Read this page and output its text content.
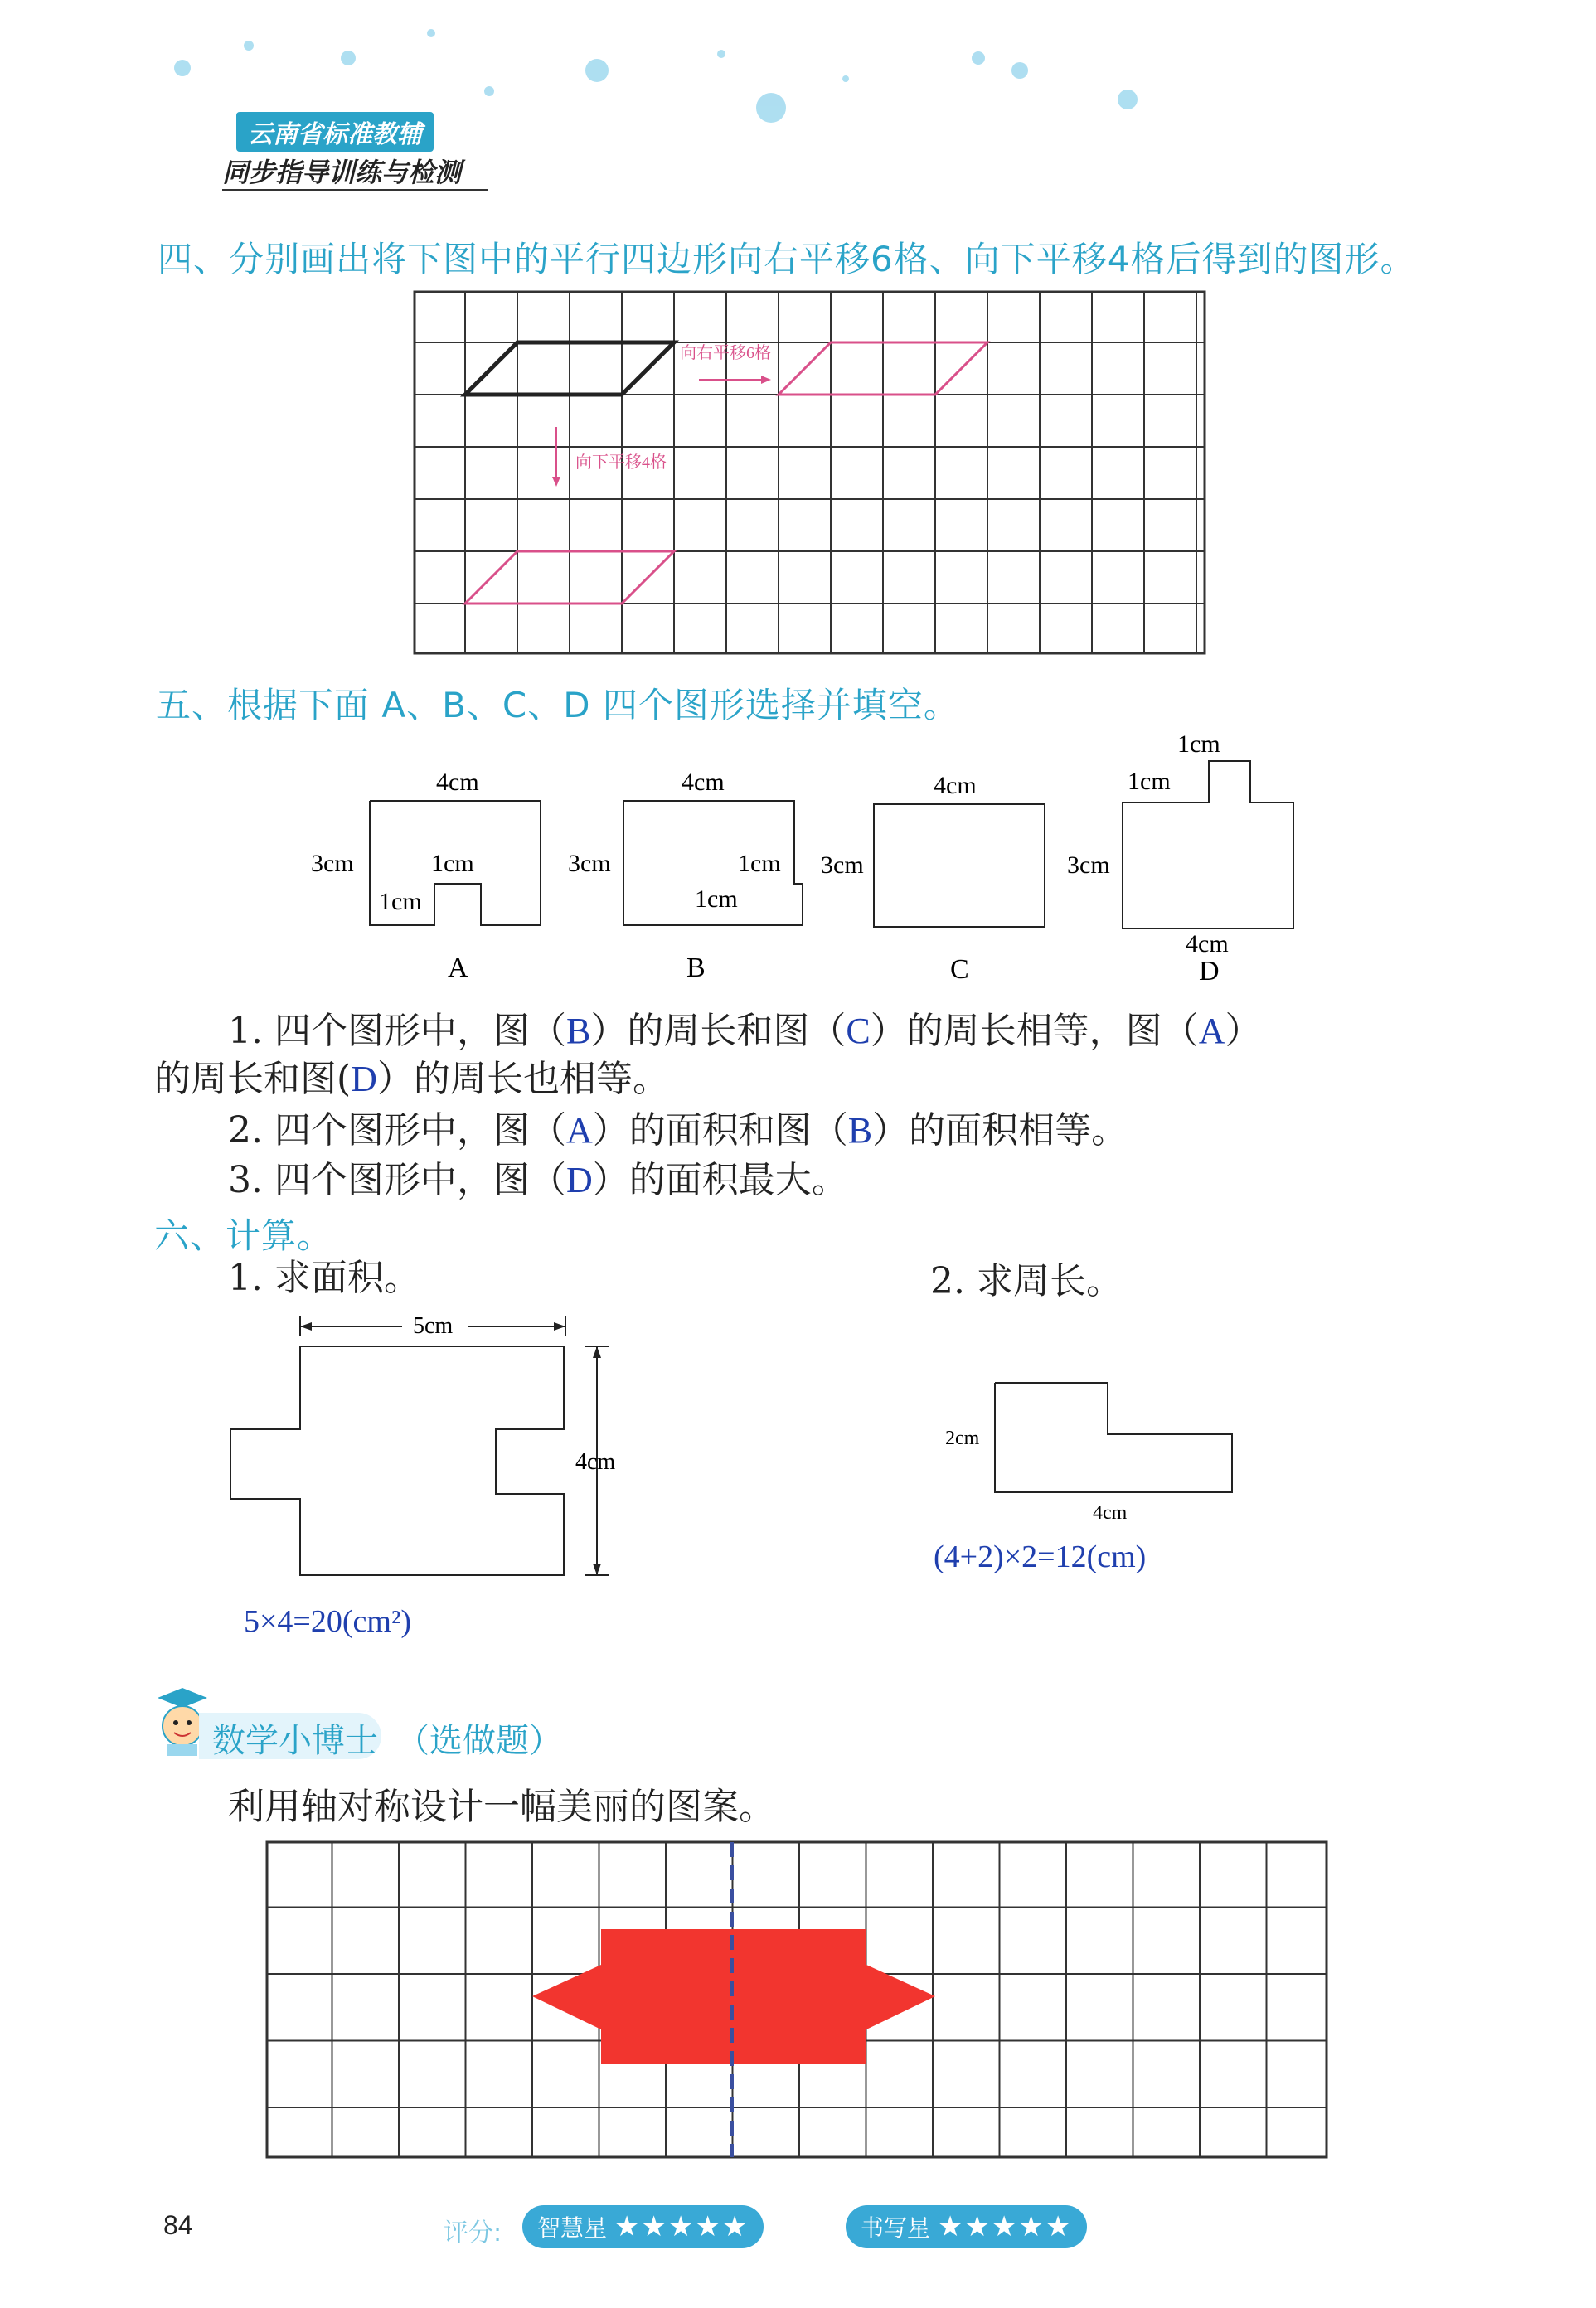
云南省标准教辅
同步指导训练与检测
四、分别画出将下图中的平行四边形向右平移6格、向下平移4格后得到的图形。
向右平移6格
向下平移4格
五、根据下面 A、B、C、D 四个图形选择并填空。
4cm
3cm	1cm
1cm
A
4cm
3cm	1cm
1cm
B
4cm
3cm
C
1cm
1cm
3cm
4cm
D
1. 四个图形中，图（B）的周长和图（C）的周长相等，图（A）
的周长和图(D）的周长也相等。
2. 四个图形中，图（A）的面积和图（B）的面积相等。
3. 四个图形中，图（D）的面积最大。
六、计算。
1. 求面积。	2. 求周长。
5cm
4cm
5×4=20(cm²)
2cm
4cm
(4+2)×2=12(cm)
数学小博士 （选做题）
利用轴对称设计一幅美丽的图案。
84	评分:	智慧星 ★★★★★	书写星 ★★★★★
